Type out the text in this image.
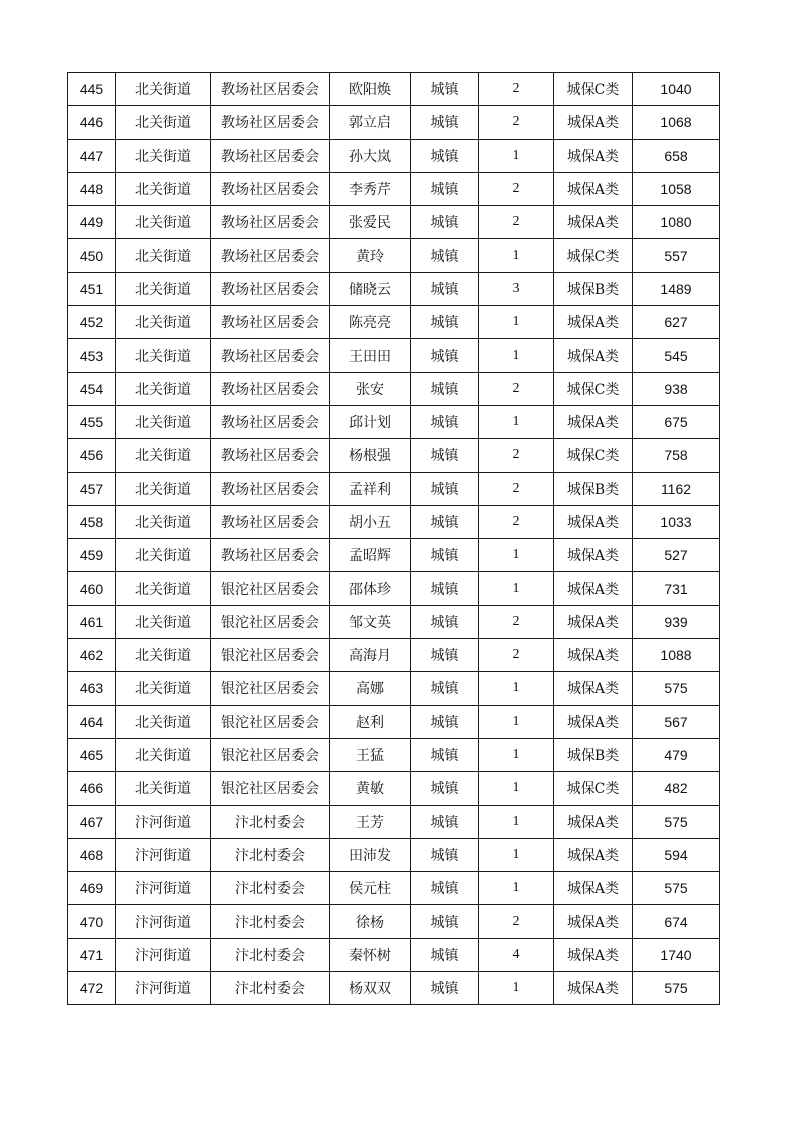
445	北关街道	教场社区居委会	欧阳焕	城镇	2	城保C类	1040
446	北关街道	教场社区居委会	郭立启	城镇	2	城保A类	1068
447	北关街道	教场社区居委会	孙大岚	城镇	1	城保A类	658
448	北关街道	教场社区居委会	李秀芹	城镇	2	城保A类	1058
449	北关街道	教场社区居委会	张爱民	城镇	2	城保A类	1080
450	北关街道	教场社区居委会	黄玲	城镇	1	城保C类	557
451	北关街道	教场社区居委会	储晓云	城镇	3	城保B类	1489
452	北关街道	教场社区居委会	陈亮亮	城镇	1	城保A类	627
453	北关街道	教场社区居委会	王田田	城镇	1	城保A类	545
454	北关街道	教场社区居委会	张安	城镇	2	城保C类	938
455	北关街道	教场社区居委会	邱计划	城镇	1	城保A类	675
456	北关街道	教场社区居委会	杨根强	城镇	2	城保C类	758
457	北关街道	教场社区居委会	孟祥利	城镇	2	城保B类	1162
458	北关街道	教场社区居委会	胡小五	城镇	2	城保A类	1033
459	北关街道	教场社区居委会	孟昭辉	城镇	1	城保A类	527
460	北关街道	银沱社区居委会	邵体珍	城镇	1	城保A类	731
461	北关街道	银沱社区居委会	邹文英	城镇	2	城保A类	939
462	北关街道	银沱社区居委会	高海月	城镇	2	城保A类	1088
463	北关街道	银沱社区居委会	高娜	城镇	1	城保A类	575
464	北关街道	银沱社区居委会	赵利	城镇	1	城保A类	567
465	北关街道	银沱社区居委会	王猛	城镇	1	城保B类	479
466	北关街道	银沱社区居委会	黄敏	城镇	1	城保C类	482
467	汴河街道	汴北村委会	王芳	城镇	1	城保A类	575
468	汴河街道	汴北村委会	田沛发	城镇	1	城保A类	594
469	汴河街道	汴北村委会	侯元柱	城镇	1	城保A类	575
470	汴河街道	汴北村委会	徐杨	城镇	2	城保A类	674
471	汴河街道	汴北村委会	秦怀树	城镇	4	城保A类	1740
472	汴河街道	汴北村委会	杨双双	城镇	1	城保A类	575
